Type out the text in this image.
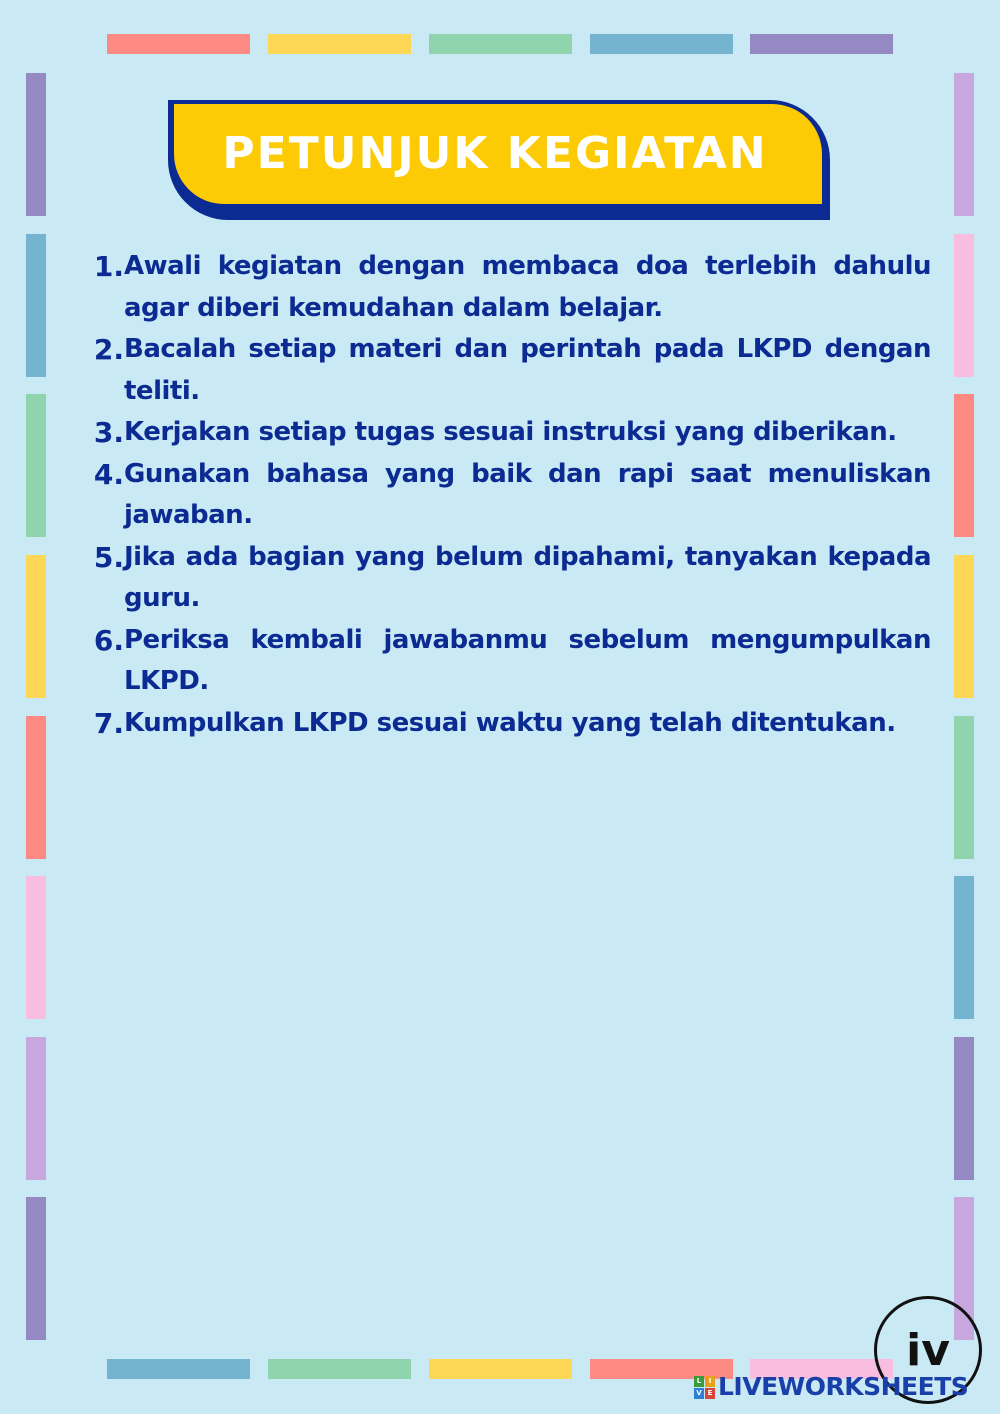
PETUNJUK KEGIATAN
1. Awali kegiatan dengan membaca doa terlebih dahulu agar diberi kemudahan dalam belajar.
2. Bacalah setiap materi dan perintah pada LKPD dengan teliti.
3. Kerjakan setiap tugas sesuai instruksi yang diberikan.
4. Gunakan bahasa yang baik dan rapi saat menuliskan jawaban.
5. Jika ada bagian yang belum dipahami, tanyakan kepada guru.
6. Periksa kembali jawabanmu sebelum mengumpulkan LKPD.
7. Kumpulkan LKPD sesuai waktu yang telah ditentukan.
iv
L	I
V E LIVEWORKSHEETS
